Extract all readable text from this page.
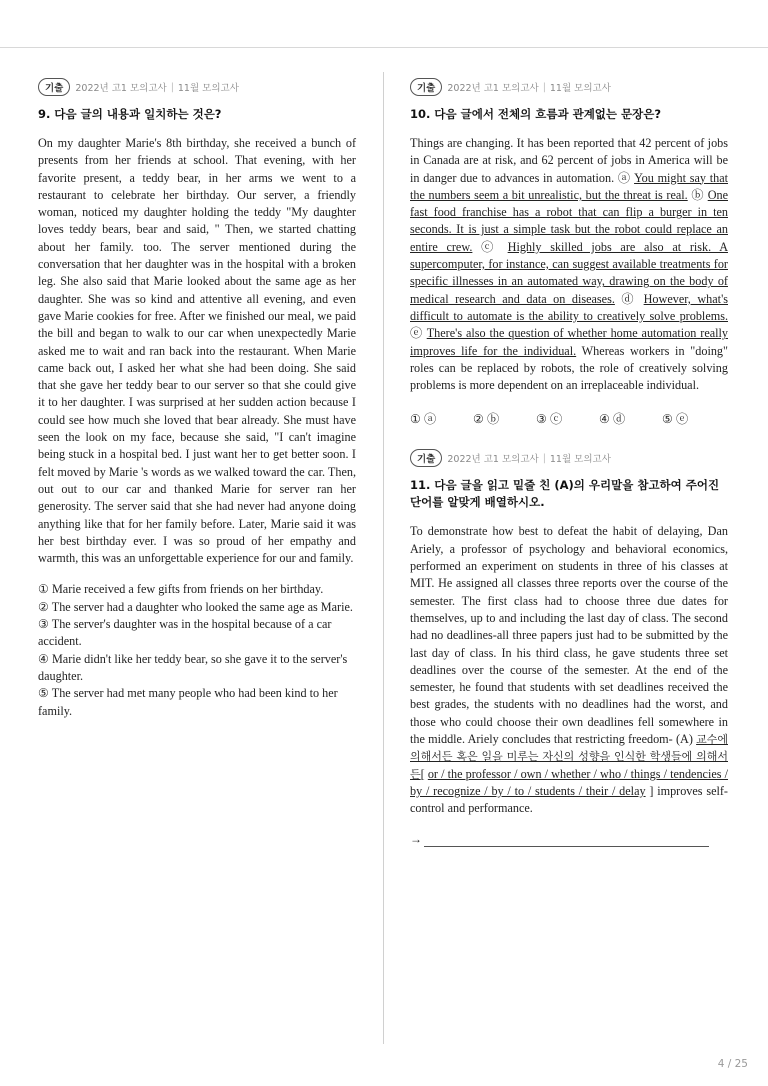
기출	2022년 고1 모의고사 | 11월 모의고사
9. 다음 글의 내용과 일치하는 것은?

On my daughter Marie's 8th birthday, she received a bunch of presents from her friends at school. That evening, with her favorite present, a teddy bear, in her arms we went to a restaurant to celebrate her birthday. Our server, a friendly woman, noticed my daughter holding the teddy "My daughter loves teddy bears, bear and said, " Then, we started chatting about her family. too. The server mentioned during the conversation that her daughter was in the hospital with a broken leg. She also said that Marie looked about the same age as her daughter. She was so kind and attentive all evening, and even gave Marie cookies for free. After we finished our meal, we paid the bill and began to walk to our car when unexpectedly Marie asked me to wait and ran back into the restaurant. When Marie came back out, I asked her what she had been doing. She said that she gave her teddy bear to our server so that she could give it to her daughter. I was surprised at her sudden action because I could see how much she loved that bear already. She must have seen the look on my face, because she said, "I can't imagine being stuck in a hospital bed. I just want her to get better soon. I felt moved by Marie 's words as we walked toward the car. Then, out out to our car and thanked Marie for server ran her generosity. The server said that she had never had anyone doing anything like that for her family before. Later, Marie said it was her best birthday ever. I was so proud of her empathy and warmth, this was an unforgettable experience for our and family.

① Marie received a few gifts from friends on her birthday.
② The server had a daughter who looked the same age as Marie.
③ The server's daughter was in the hospital because of a car accident.
④ Marie didn't like her teddy bear, so she gave it to the server's daughter.
⑤ The server had met many people who had been kind to her family.
기출	2022년 고1 모의고사 | 11월 모의고사
10. 다음 글에서 전체의 흐름과 관계없는 문장은?

Things are changing. It has been reported that 42 percent of jobs in Canada are at risk, and 62 percent of jobs in America will be in danger due to advances in automation. ⓐ You might say that the numbers seem a bit unrealistic, but the threat is real. ⓑ One fast food franchise has a robot that can flip a burger in ten seconds. It is just a simple task but the robot could replace an entire crew. ⓒ Highly skilled jobs are also at risk. A supercomputer, for instance, can suggest available treatments for specific illnesses in an automated way, drawing on the body of medical research and data on diseases. ⓓ However, what's difficult to automate is the ability to creatively solve problems. ⓔ There's also the question of whether home automation really improves life for the individual. Whereas workers in "doing" roles can be replaced by robots, the role of creatively solving problems is more dependent on an irreplaceable individual.

① ⓐ	② ⓑ	③ ⓒ	④ ⓓ	⑤ ⓔ
기출	2022년 고1 모의고사 | 11월 모의고사
11. 다음 글을 읽고 밑줄 친 (A)의 우리말을 참고하여 주어진 단어를 알맞게 배열하시오.

To demonstrate how best to defeat the habit of delaying, Dan Ariely, a professor of psychology and behavioral economics, performed an experiment on students in three of his classes at MIT. He assigned all classes three reports over the course of the semester. The first class had to choose three due dates for themselves, up to and including the last day of class. The second had no deadlines-all three papers just had to be submitted by the last day of class. In his third class, he gave students three set deadlines over the course of the semester. At the end of the semester, he found that students with set deadlines received the best grades, the students with no deadlines had the worst, and those who could choose their own deadlines fell somewhere in the middle. Ariely concludes that restricting freedom- (A) 교수에 의해서든 혹은 일을 미루는 자신의 성향을 인식한 학생들에 의해서든[ or / the professor / own / whether / who / things / tendencies / by / recognize / by / to / students / their / delay ] improves self-control and performance.

→
4 / 25
